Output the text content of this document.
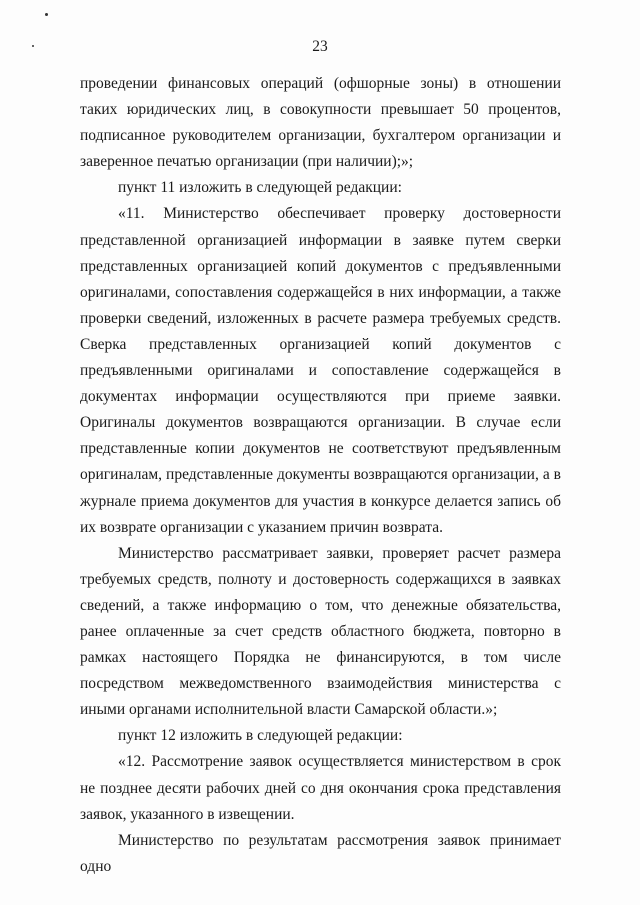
23

проведении финансовых операций (офшорные зоны) в отношении таких юридических лиц, в совокупности превышает 50 процентов, подписанное руководителем организации, бухгалтером организации и заверенное печатью организации (при наличии);»;

пункт 11 изложить в следующей редакции:

«11. Министерство обеспечивает проверку достоверности представленной организацией информации в заявке путем сверки представленных организацией копий документов с предъявленными оригиналами, сопоставления содержащейся в них информации, а также проверки сведений, изложенных в расчете размера требуемых средств. Сверка представленных организацией копий документов с предъявленными оригиналами и сопоставление содержащейся в документах информации осуществляются при приеме заявки. Оригиналы документов возвращаются организации. В случае если представленные копии документов не соответствуют предъявленным оригиналам, представленные документы возвращаются организации, а в журнале приема документов для участия в конкурсе делается запись об их возврате организации с указанием причин возврата.

Министерство рассматривает заявки, проверяет расчет размера требуемых средств, полноту и достоверность содержащихся в заявках сведений, а также информацию о том, что денежные обязательства, ранее оплаченные за счет средств областного бюджета, повторно в рамках настоящего Порядка не финансируются, в том числе посредством межведомственного взаимодействия министерства с иными органами исполнительной власти Самарской области.»;

пункт 12 изложить в следующей редакции:

«12. Рассмотрение заявок осуществляется министерством в срок не позднее десяти рабочих дней со дня окончания срока представления заявок, указанного в извещении.

Министерство по результатам рассмотрения заявок принимает одно
